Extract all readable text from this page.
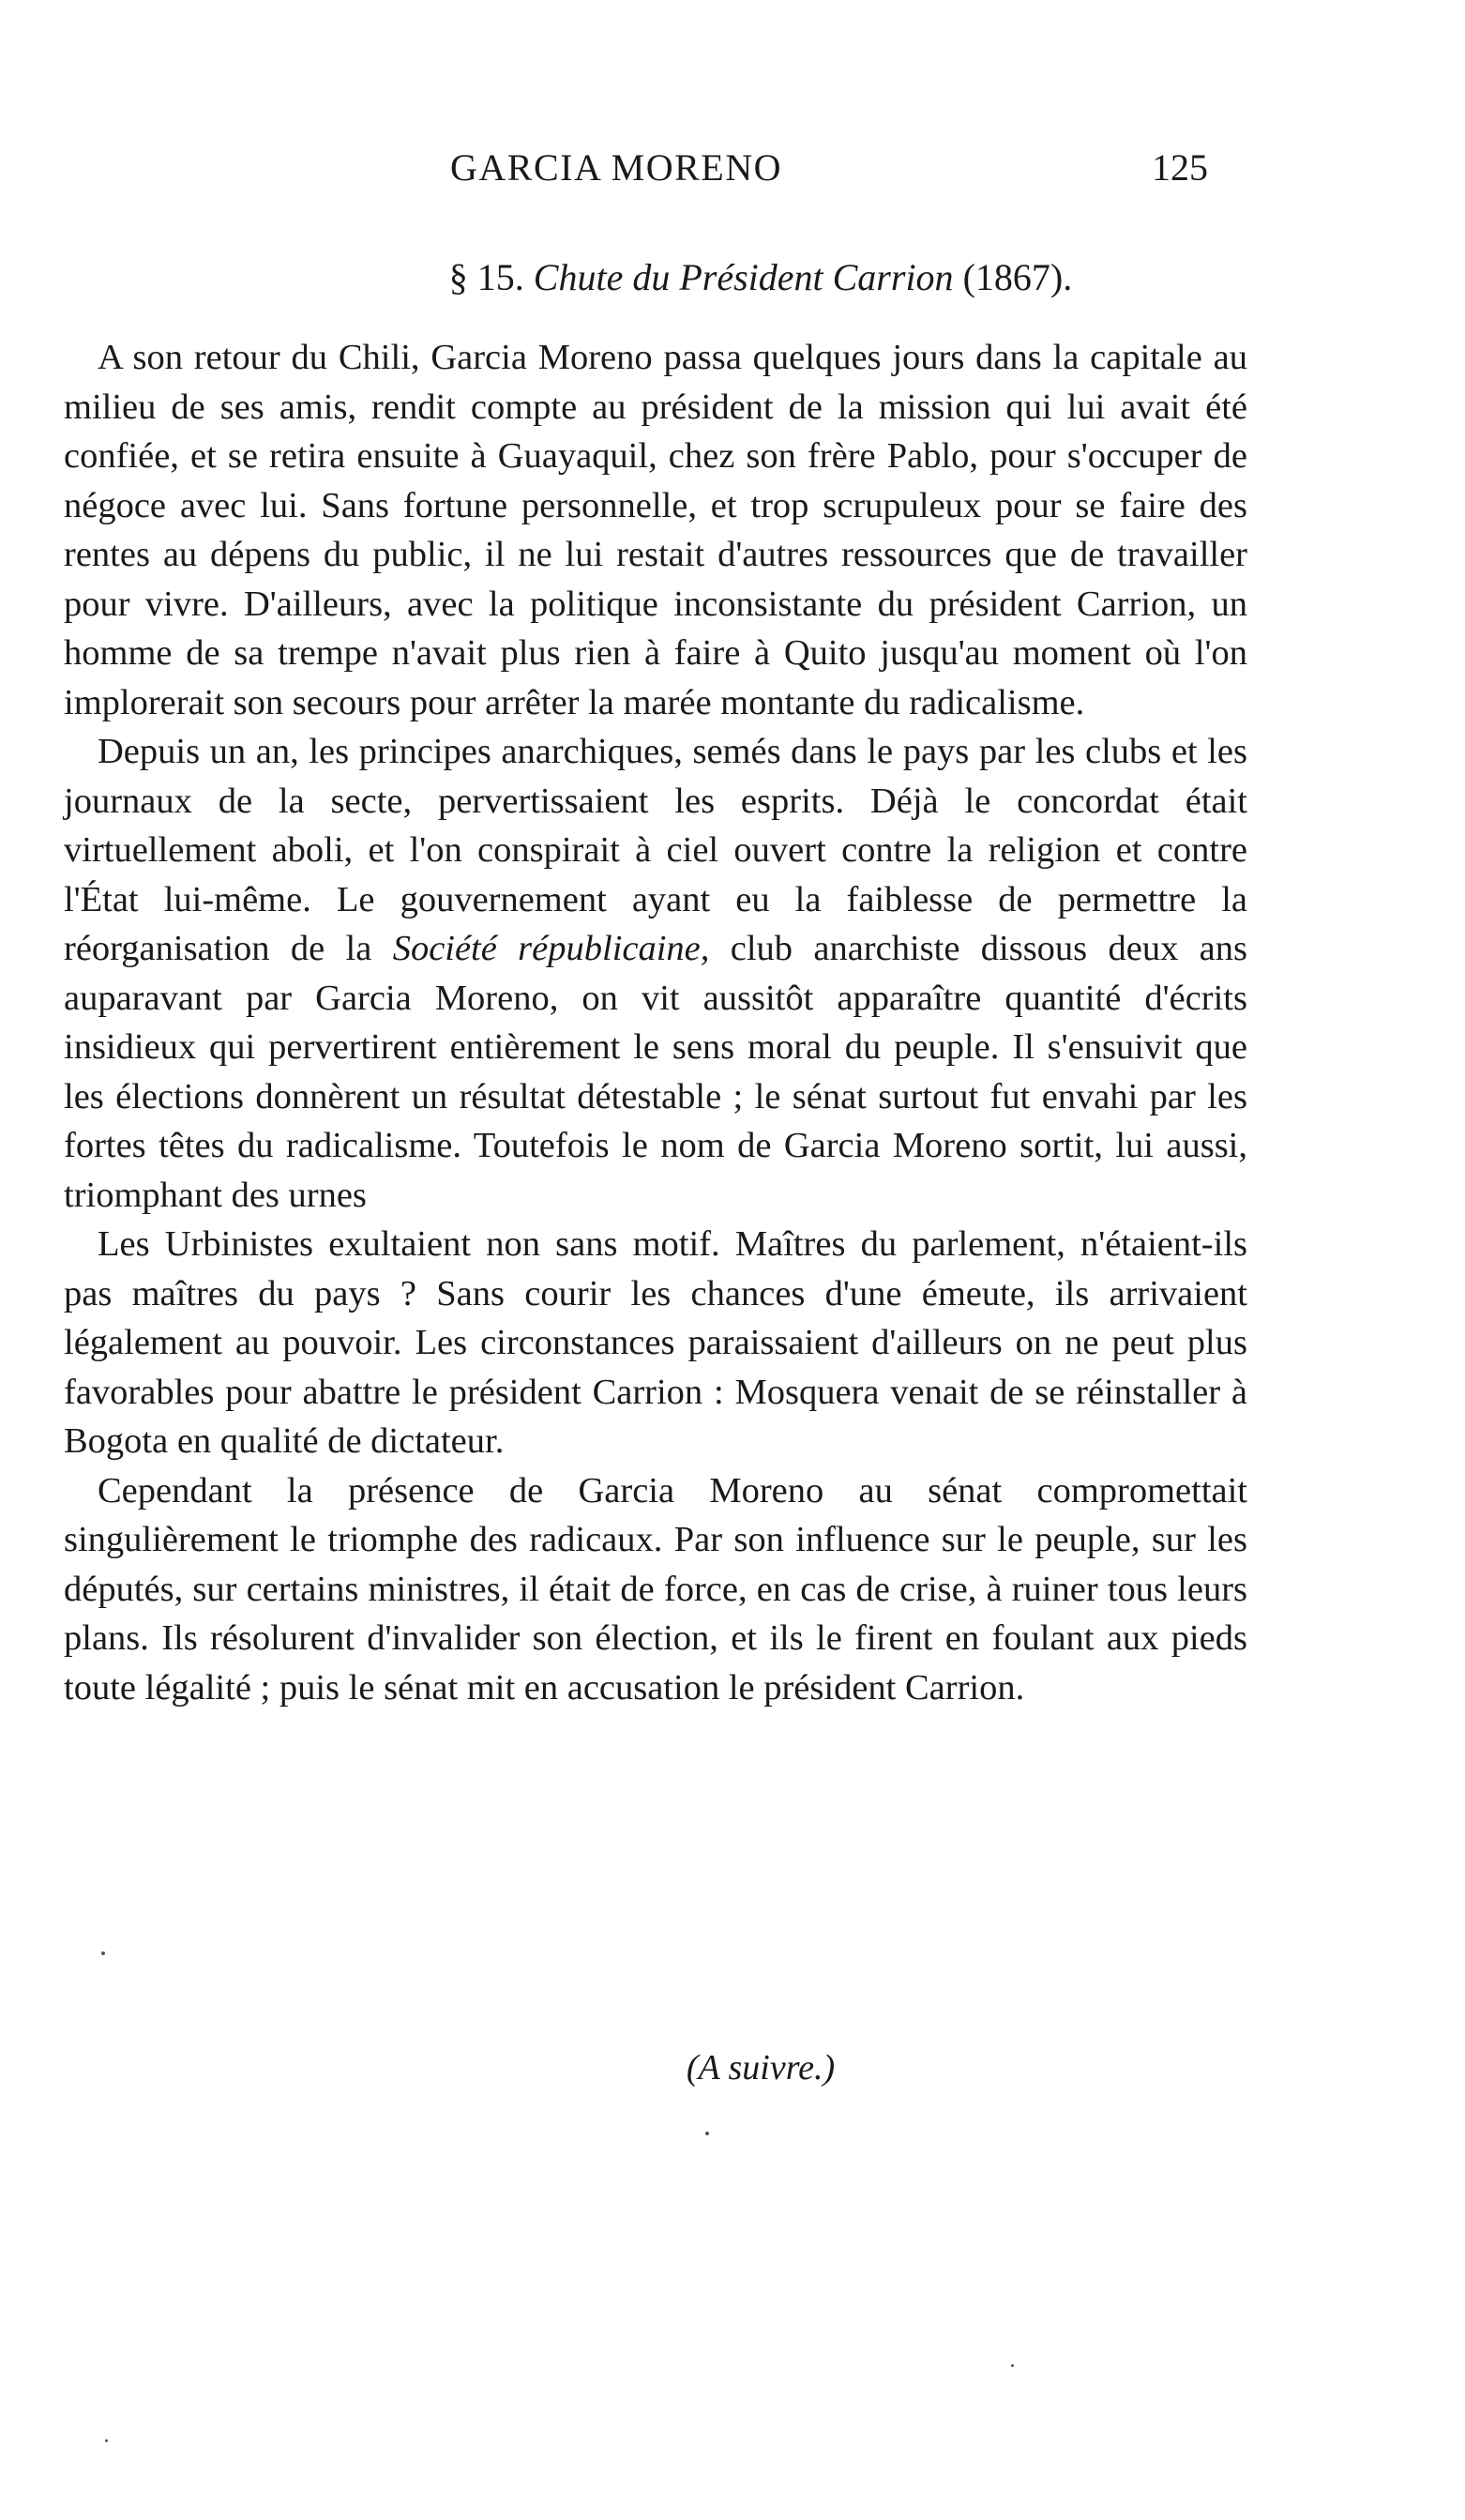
GARCIA MORENO	125
§ 15. Chute du Président Carrion (1867).

A son retour du Chili, Garcia Moreno passa quelques jours dans la capitale au milieu de ses amis, rendit compte au président de la mission qui lui avait été confiée, et se retira ensuite à Guayaquil, chez son frère Pablo, pour s'occuper de négoce avec lui. Sans fortune personnelle, et trop scrupuleux pour se faire des rentes au dépens du public, il ne lui restait d'autres ressources que de travailler pour vivre. D'ailleurs, avec la politique inconsistante du président Carrion, un homme de sa trempe n'avait plus rien à faire à Quito jusqu'au moment où l'on implorerait son secours pour arrêter la marée montante du radicalisme.

Depuis un an, les principes anarchiques, semés dans le pays par les clubs et les journaux de la secte, pervertissaient les esprits. Déjà le concordat était virtuellement aboli, et l'on conspirait à ciel ouvert contre la religion et contre l'État lui-même. Le gouvernement ayant eu la faiblesse de permettre la réorganisation de la Société républicaine, club anarchiste dissous deux ans auparavant par Garcia Moreno, on vit aussitôt apparaître quantité d'écrits insidieux qui pervertirent entièrement le sens moral du peuple. Il s'ensuivit que les élections donnèrent un résultat détestable ; le sénat surtout fut envahi par les fortes têtes du radicalisme. Toutefois le nom de Garcia Moreno sortit, lui aussi, triomphant des urnes

Les Urbinistes exultaient non sans motif. Maîtres du parlement, n'étaient-ils pas maîtres du pays ? Sans courir les chances d'une émeute, ils arrivaient légalement au pouvoir. Les circonstances paraissaient d'ailleurs on ne peut plus favorables pour abattre le président Carrion : Mosquera venait de se réinstaller à Bogota en qualité de dictateur.

Cependant la présence de Garcia Moreno au sénat compromettait singulièrement le triomphe des radicaux. Par son influence sur le peuple, sur les députés, sur certains ministres, il était de force, en cas de crise, à ruiner tous leurs plans. Ils résolurent d'invalider son élection, et ils le firent en foulant aux pieds toute légalité ; puis le sénat mit en accusation le président Carrion.

(A suivre.)
